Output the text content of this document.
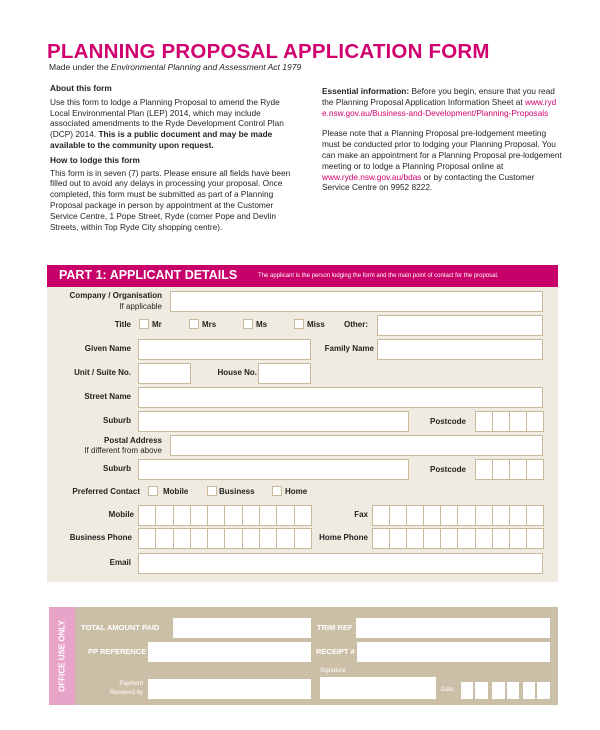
PLANNING PROPOSAL APPLICATION FORM
Made under the Environmental Planning and Assessment Act 1979
About this form
Use this form to lodge a Planning Proposal to amend the Ryde Local Environmental Plan (LEP) 2014, which may include associated amendments to the Ryde Development Control Plan (DCP) 2014. This is a public document and may be made available to the community upon request.
How to lodge this form
This form is in seven (7) parts. Please ensure all fields have been filled out to avoid any delays in processing your proposal. Once completed, this form must be submitted as part of a Planning Proposal package in person by appointment at the Customer Service Centre, 1 Pope Street, Ryde (corner Pope and Devlin Streets, within Top Ryde City shopping centre).
Essential information: Before you begin, ensure that you read the Planning Proposal Application Information Sheet at www.ryde.nsw.gov.au/Business-and-Development/Planning-Proposals
Please note that a Planning Proposal pre-lodgement meeting must be conducted prior to lodging your Planning Proposal. You can make an appointment for a Planning Proposal pre-lodgement meeting or to lodge a Planning Proposal online at www.ryde.nsw.gov.au/bdas or by contacting the Customer Service Centre on 9952 8222.
PART 1: APPLICANT DETAILS	The applicant is the person lodging the form and the main point of contact for the proposal.
Company / Organisation
If applicable
Title	Mr	Mrs	Ms	Miss Other:
Given Name	Family Name
Unit / Suite No.	House No.
Street Name
Suburb	Postcode
Postal Address
If different from above
Suburb	Postcode
Preferred Contact	Mobile	Business	Home
Mobile	Fax
Business Phone	Home Phone
Email
OFFICE USE ONLY TOTAL AMOUNT PAID	TRIM REF
PP REFERENCE	RECEIPT #
Signature
Payment
Received by	Date
